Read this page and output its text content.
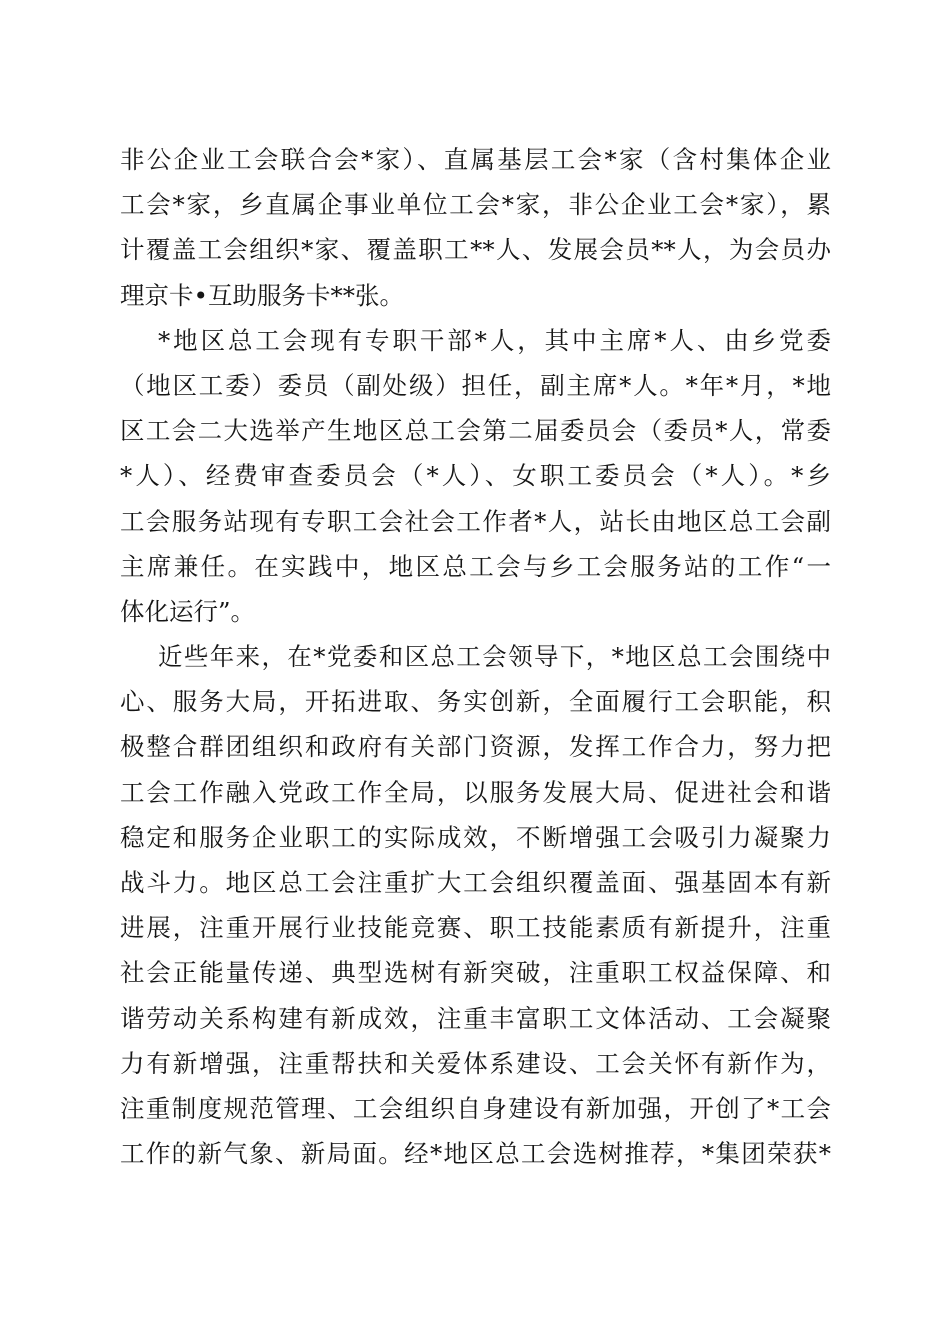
非公企业工会联合会*家）、直属基层工会*家（含村集体企业
工会*家，乡直属企事业单位工会*家，非公企业工会*家），累
计覆盖工会组织*家、覆盖职工**人、发展会员**人，为会员办
理京卡•互助服务卡**张。
*地区总工会现有专职干部*人，其中主席*人、由乡党委
（地区工委）委员（副处级）担任，副主席*人。*年*月，*地
区工会二大选举产生地区总工会第二届委员会（委员*人，常委
*人）、经费审查委员会（*人）、女职工委员会（*人）。*乡
工会服务站现有专职工会社会工作者*人，站长由地区总工会副
主席兼任。在实践中，地区总工会与乡工会服务站的工作“一
体化运行”。
近些年来，在*党委和区总工会领导下，*地区总工会围绕中
心、服务大局，开拓进取、务实创新，全面履行工会职能，积
极整合群团组织和政府有关部门资源，发挥工作合力，努力把
工会工作融入党政工作全局，以服务发展大局、促进社会和谐
稳定和服务企业职工的实际成效，不断增强工会吸引力凝聚力
战斗力。地区总工会注重扩大工会组织覆盖面、强基固本有新
进展，注重开展行业技能竞赛、职工技能素质有新提升，注重
社会正能量传递、典型选树有新突破，注重职工权益保障、和
谐劳动关系构建有新成效，注重丰富职工文体活动、工会凝聚
力有新增强，注重帮扶和关爱体系建设、工会关怀有新作为，
注重制度规范管理、工会组织自身建设有新加强，开创了*工会
工作的新气象、新局面。经*地区总工会选树推荐，*集团荣获*
